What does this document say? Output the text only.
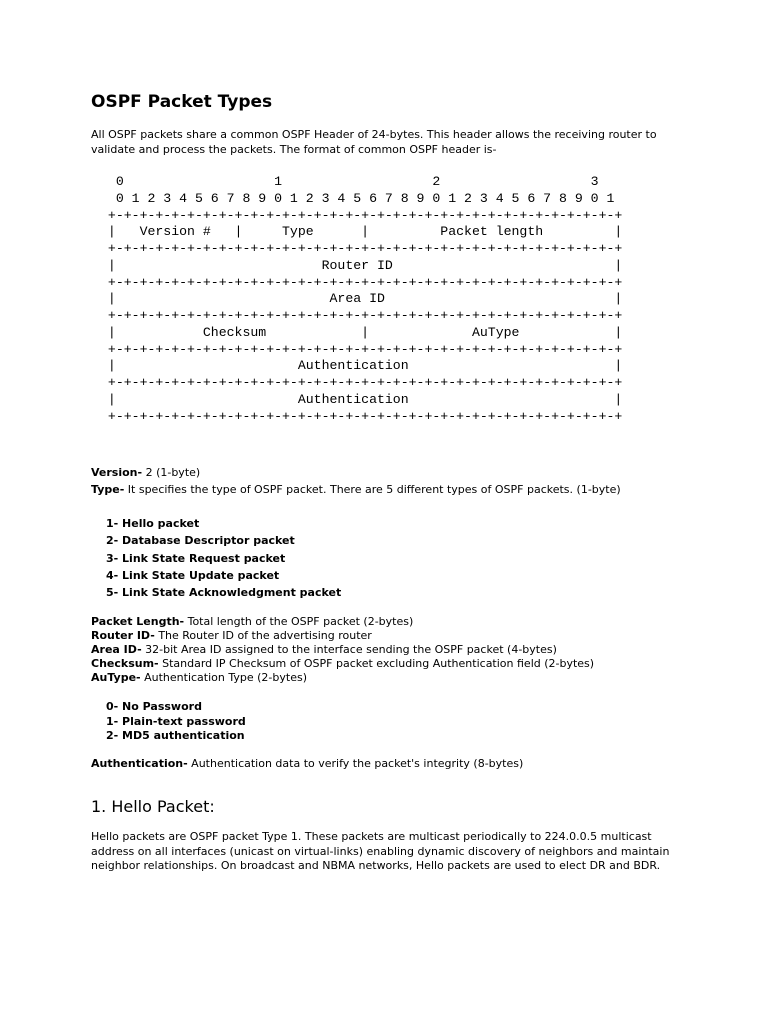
OSPF Packet Types

All OSPF packets share a common OSPF Header of 24-bytes. This header allows the receiving router to validate and process the packets. The format of common OSPF header is-

0                   1                   2                   3
0 1 2 3 4 5 6 7 8 9 0 1 2 3 4 5 6 7 8 9 0 1 2 3 4 5 6 7 8 9 0 1
+-+-+-+-+-+-+-+-+-+-+-+-+-+-+-+-+-+-+-+-+-+-+-+-+-+-+-+-+-+-+-+-+
|   Version #   |     Type      |         Packet length         |
+-+-+-+-+-+-+-+-+-+-+-+-+-+-+-+-+-+-+-+-+-+-+-+-+-+-+-+-+-+-+-+-+
|                          Router ID                            |
+-+-+-+-+-+-+-+-+-+-+-+-+-+-+-+-+-+-+-+-+-+-+-+-+-+-+-+-+-+-+-+-+
|                           Area ID                             |
+-+-+-+-+-+-+-+-+-+-+-+-+-+-+-+-+-+-+-+-+-+-+-+-+-+-+-+-+-+-+-+-+
|           Checksum            |             AuType            |
+-+-+-+-+-+-+-+-+-+-+-+-+-+-+-+-+-+-+-+-+-+-+-+-+-+-+-+-+-+-+-+-+
|                       Authentication                          |
+-+-+-+-+-+-+-+-+-+-+-+-+-+-+-+-+-+-+-+-+-+-+-+-+-+-+-+-+-+-+-+-+
|                       Authentication                          |
+-+-+-+-+-+-+-+-+-+-+-+-+-+-+-+-+-+-+-+-+-+-+-+-+-+-+-+-+-+-+-+-+

Version- 2 (1-byte)

Type- It specifies the type of OSPF packet. There are 5 different types of OSPF packets. (1-byte)

1- Hello packet
2- Database Descriptor packet
3- Link State Request packet
4- Link State Update packet
5- Link State Acknowledgment packet

Packet Length- Total length of the OSPF packet (2-bytes)

Router ID- The Router ID of the advertising router

Area ID- 32-bit Area ID assigned to the interface sending the OSPF packet (4-bytes)

Checksum- Standard IP Checksum of OSPF packet excluding Authentication field (2-bytes)

AuType- Authentication Type (2-bytes)

0- No Password
1- Plain-text password
2- MD5 authentication

Authentication- Authentication data to verify the packet's integrity (8-bytes)

1. Hello Packet:

Hello packets are OSPF packet Type 1. These packets are multicast periodically to 224.0.0.5 multicast address on all interfaces (unicast on virtual-links) enabling dynamic discovery of neighbors and maintain neighbor relationships. On broadcast and NBMA networks, Hello packets are used to elect DR and BDR.
